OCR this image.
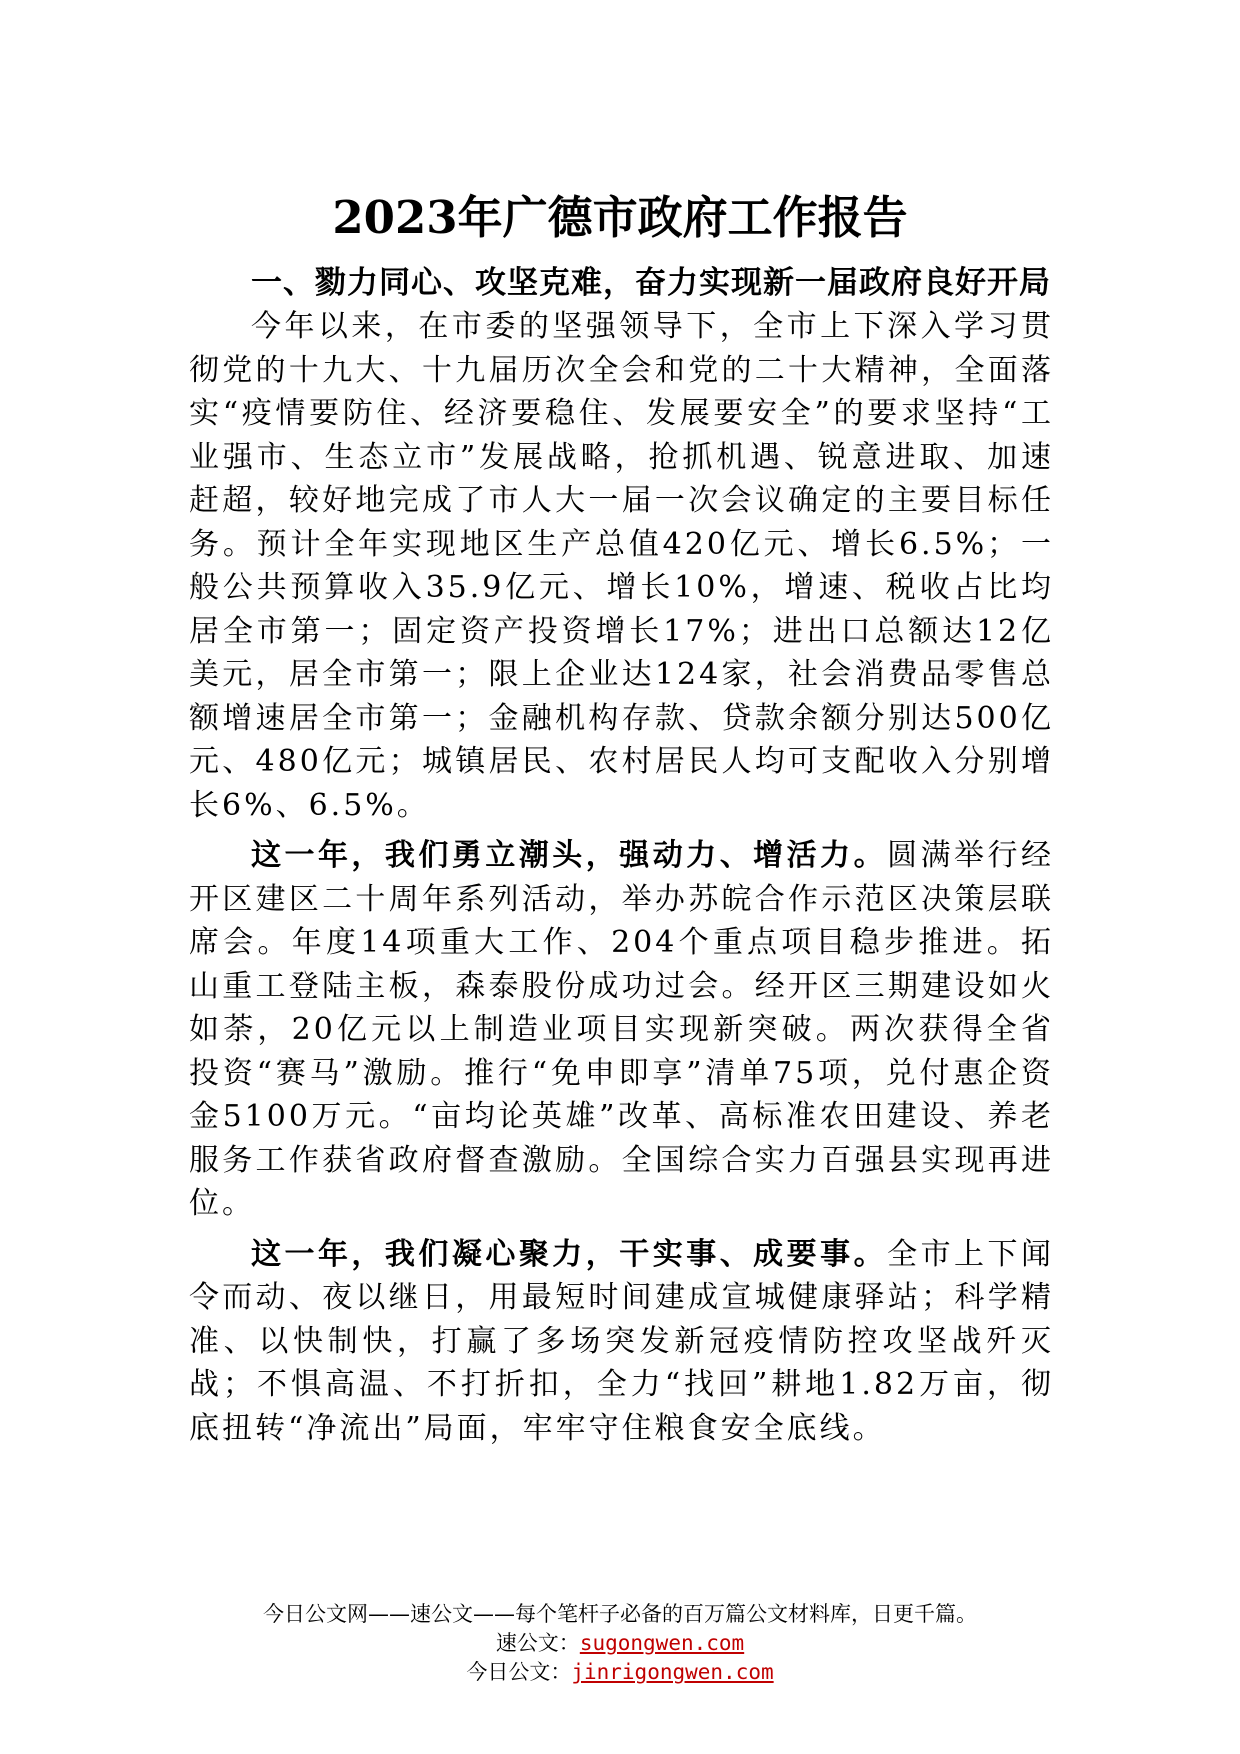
2023年广德市政府工作报告

一、勠力同心、攻坚克难，奋力实现新一届政府良好开局

今年以来，在市委的坚强领导下，全市上下深入学习贯彻党的十九大、十九届历次全会和党的二十大精神，全面落实“疫情要防住、经济要稳住、发展要安全”的要求坚持“工业强市、生态立市”发展战略，抢抓机遇、锐意进取、加速赶超，较好地完成了市人大一届一次会议确定的主要目标任务。预计全年实现地区生产总值420亿元、增长6.5%；一般公共预算收入35.9亿元、增长10%，增速、税收占比均居全市第一；固定资产投资增长17%；进出口总额达12亿美元，居全市第一；限上企业达124家，社会消费品零售总额增速居全市第一；金融机构存款、贷款余额分别达500亿元、480亿元；城镇居民、农村居民人均可支配收入分别增长6%、6.5%。

这一年，我们勇立潮头，强动力、增活力。圆满举行经开区建区二十周年系列活动，举办苏皖合作示范区决策层联席会。年度14项重大工作、204个重点项目稳步推进。拓山重工登陆主板，森泰股份成功过会。经开区三期建设如火如荼，20亿元以上制造业项目实现新突破。两次获得全省投资“赛马”激励。推行“免申即享”清单75项，兑付惠企资金5100万元。“亩均论英雄”改革、高标准农田建设、养老服务工作获省政府督查激励。全国综合实力百强县实现再进位。

这一年，我们凝心聚力，干实事、成要事。全市上下闻令而动、夜以继日，用最短时间建成宣城健康驿站；科学精准、以快制快，打赢了多场突发新冠疫情防控攻坚战歼灭战；不惧高温、不打折扣，全力“找回”耕地1.82万亩，彻底扭转“净流出”局面，牢牢守住粮食安全底线。

今日公文网——速公文——每个笔杆子必备的百万篇公文材料库，日更千篇。
速公文：sugongwen.com
今日公文：jinrigongwen.com
